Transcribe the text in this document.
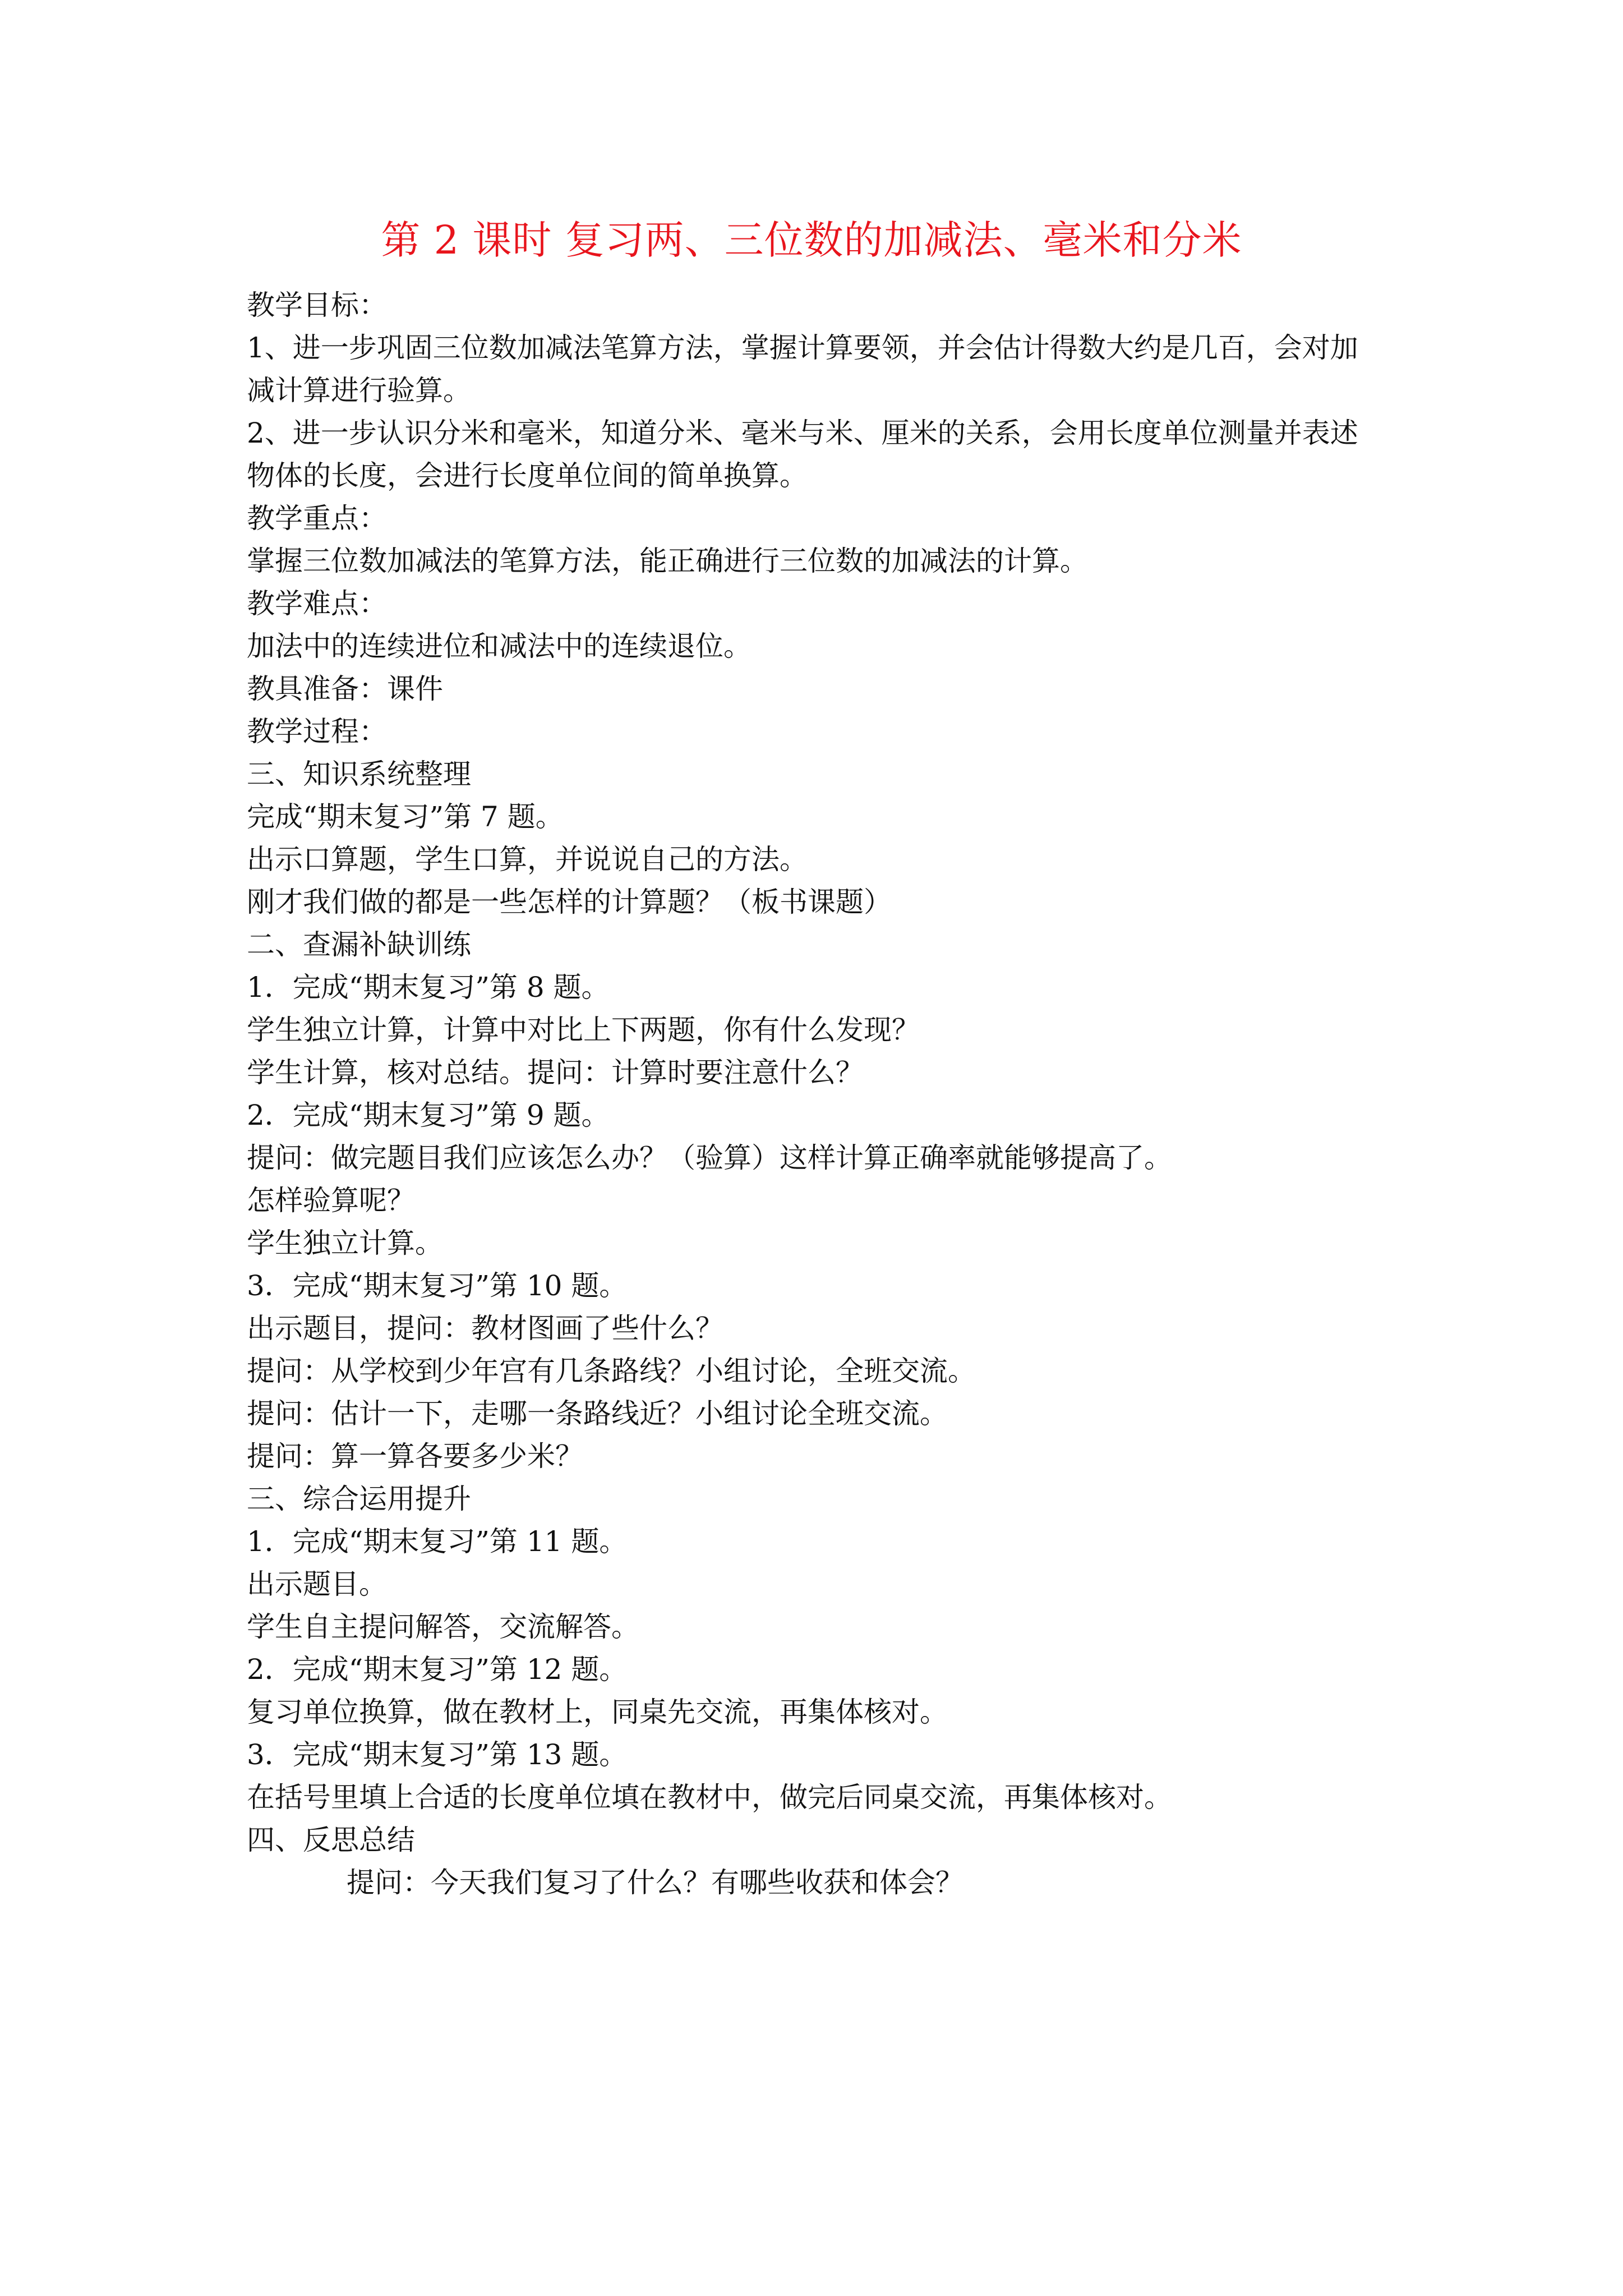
第 2 课时 复习两、三位数的加减法、毫米和分米
教学目标：
1、进一步巩固三位数加减法笔算方法，掌握计算要领，并会估计得数大约是几百，会对加
减计算进行验算。
2、进一步认识分米和毫米，知道分米、毫米与米、厘米的关系，会用长度单位测量并表述
物体的长度，会进行长度单位间的简单换算。
教学重点：
掌握三位数加减法的笔算方法，能正确进行三位数的加减法的计算。
教学难点：
加法中的连续进位和减法中的连续退位。
教具准备：课件
教学过程：
三、知识系统整理
完成“期末复习”第 7 题。
出示口算题，学生口算，并说说自己的方法。
刚才我们做的都是一些怎样的计算题？（板书课题）
二、查漏补缺训练
1．完成“期末复习”第 8 题。
学生独立计算，计算中对比上下两题，你有什么发现？
学生计算，核对总结。提问：计算时要注意什么？
2．完成“期末复习”第 9 题。
提问：做完题目我们应该怎么办？（验算）这样计算正确率就能够提高了。
怎样验算呢？
学生独立计算。
3．完成“期末复习”第 10 题。
出示题目，提问：教材图画了些什么？
提问：从学校到少年宫有几条路线？小组讨论，全班交流。
提问：估计一下，走哪一条路线近？小组讨论全班交流。
提问：算一算各要多少米？
三、综合运用提升
1．完成“期末复习”第 11 题。
出示题目。
学生自主提问解答，交流解答。
2．完成“期末复习”第 12 题。
复习单位换算，做在教材上，同桌先交流，再集体核对。
3．完成“期末复习”第 13 题。
在括号里填上合适的长度单位填在教材中，做完后同桌交流，再集体核对。
四、反思总结
提问：今天我们复习了什么？有哪些收获和体会？
